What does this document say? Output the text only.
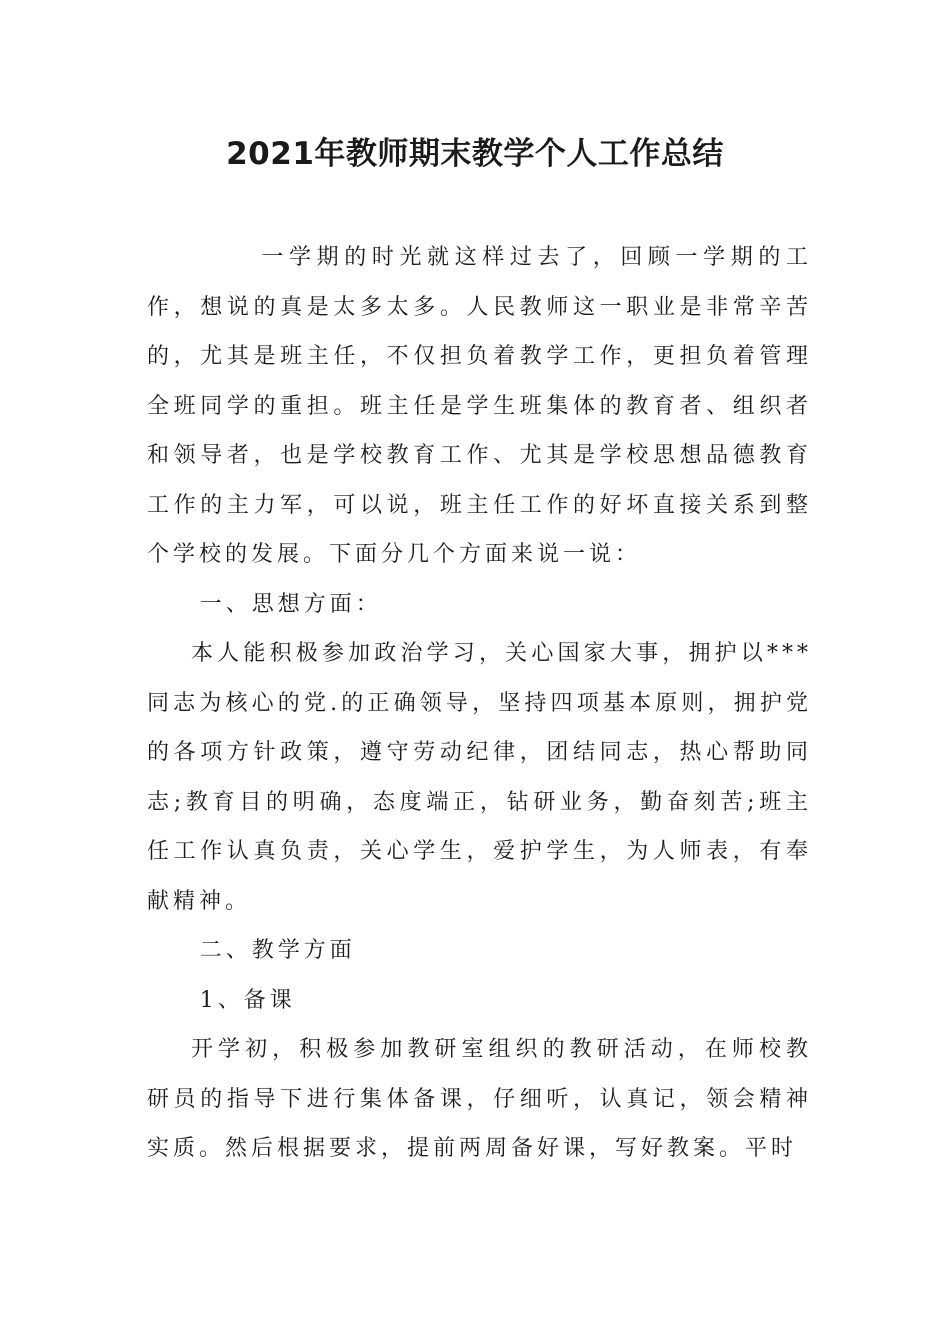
2021年教师期末教学个人工作总结

一学期的时光就这样过去了，回顾一学期的工作，想说的真是太多太多。人民教师这一职业是非常辛苦的，尤其是班主任，不仅担负着教学工作，更担负着管理全班同学的重担。班主任是学生班集体的教育者、组织者和领导者，也是学校教育工作、尤其是学校思想品德教育工作的主力军，可以说，班主任工作的好坏直接关系到整个学校的发展。下面分几个方面来说一说：

一、思想方面：

本人能积极参加政治学习，关心国家大事，拥护以***同志为核心的党.的正确领导，坚持四项基本原则，拥护党的各项方针政策，遵守劳动纪律，团结同志，热心帮助同志;教育目的明确，态度端正，钻研业务，勤奋刻苦;班主任工作认真负责，关心学生，爱护学生，为人师表，有奉献精神。

二、教学方面

1、备课

开学初，积极参加教研室组织的教研活动，在师校教研员的指导下进行集体备课，仔细听，认真记，领会精神实质。然后根据要求，提前两周备好课，写好教案。平时
